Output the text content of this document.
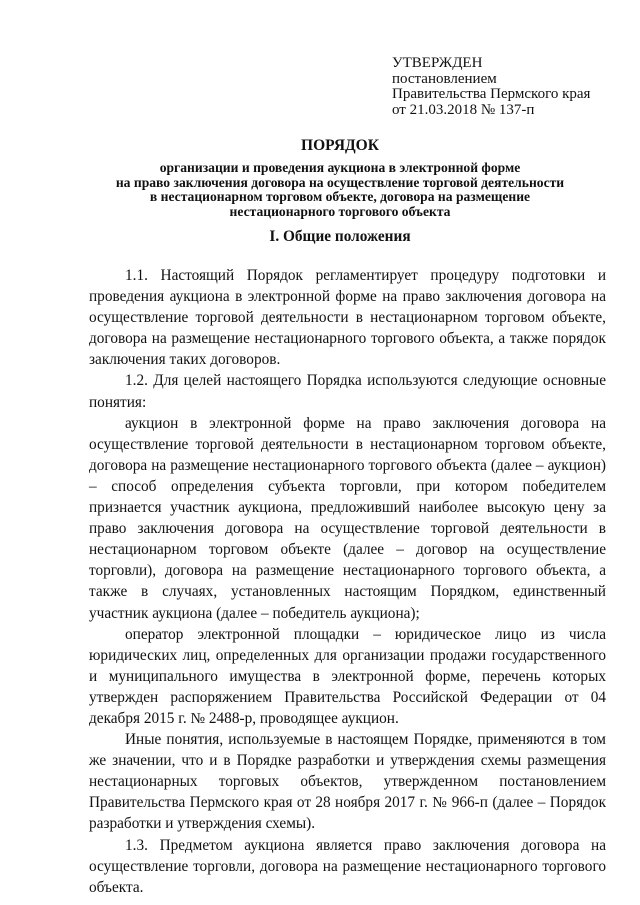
УТВЕРЖДЕН
постановлением
Правительства Пермского края
от 21.03.2018 № 137-п
ПОРЯДОК
организации и проведения аукциона в электронной форме
на право заключения договора на осуществление торговой деятельности
в нестационарном торговом объекте, договора на размещение
нестационарного торгового объекта
I. Общие положения

1.1. Настоящий Порядок регламентирует процедуру подготовки и проведения аукциона в электронной форме на право заключения договора на осуществление торговой деятельности в нестационарном торговом объекте, договора на размещение нестационарного торгового объекта, а также порядок заключения таких договоров.

1.2. Для целей настоящего Порядка используются следующие основные понятия:

аукцион в электронной форме на право заключения договора на осуществление торговой деятельности в нестационарном торговом объекте, договора на размещение нестационарного торгового объекта (далее – аукцион) – способ определения субъекта торговли, при котором победителем признается участник аукциона, предложивший наиболее высокую цену за право заключения договора на осуществление торговой деятельности в нестационарном торговом объекте (далее – договор на осуществление торговли), договора на размещение нестационарного торгового объекта, а также в случаях, установленных настоящим Порядком, единственный участник аукциона (далее – победитель аукциона);

оператор электронной площадки – юридическое лицо из числа юридических лиц, определенных для организации продажи государственного и муниципального имущества в электронной форме, перечень которых утвержден распоряжением Правительства Российской Федерации от 04 декабря 2015 г. № 2488-р, проводящее аукцион.

Иные понятия, используемые в настоящем Порядке, применяются в том же значении, что и в Порядке разработки и утверждения схемы размещения нестационарных торговых объектов, утвержденном постановлением Правительства Пермского края от 28 ноября 2017 г. № 966-п (далее – Порядок разработки и утверждения схемы).

1.3. Предметом аукциона является право заключения договора на осуществление торговли, договора на размещение нестационарного торгового объекта.
